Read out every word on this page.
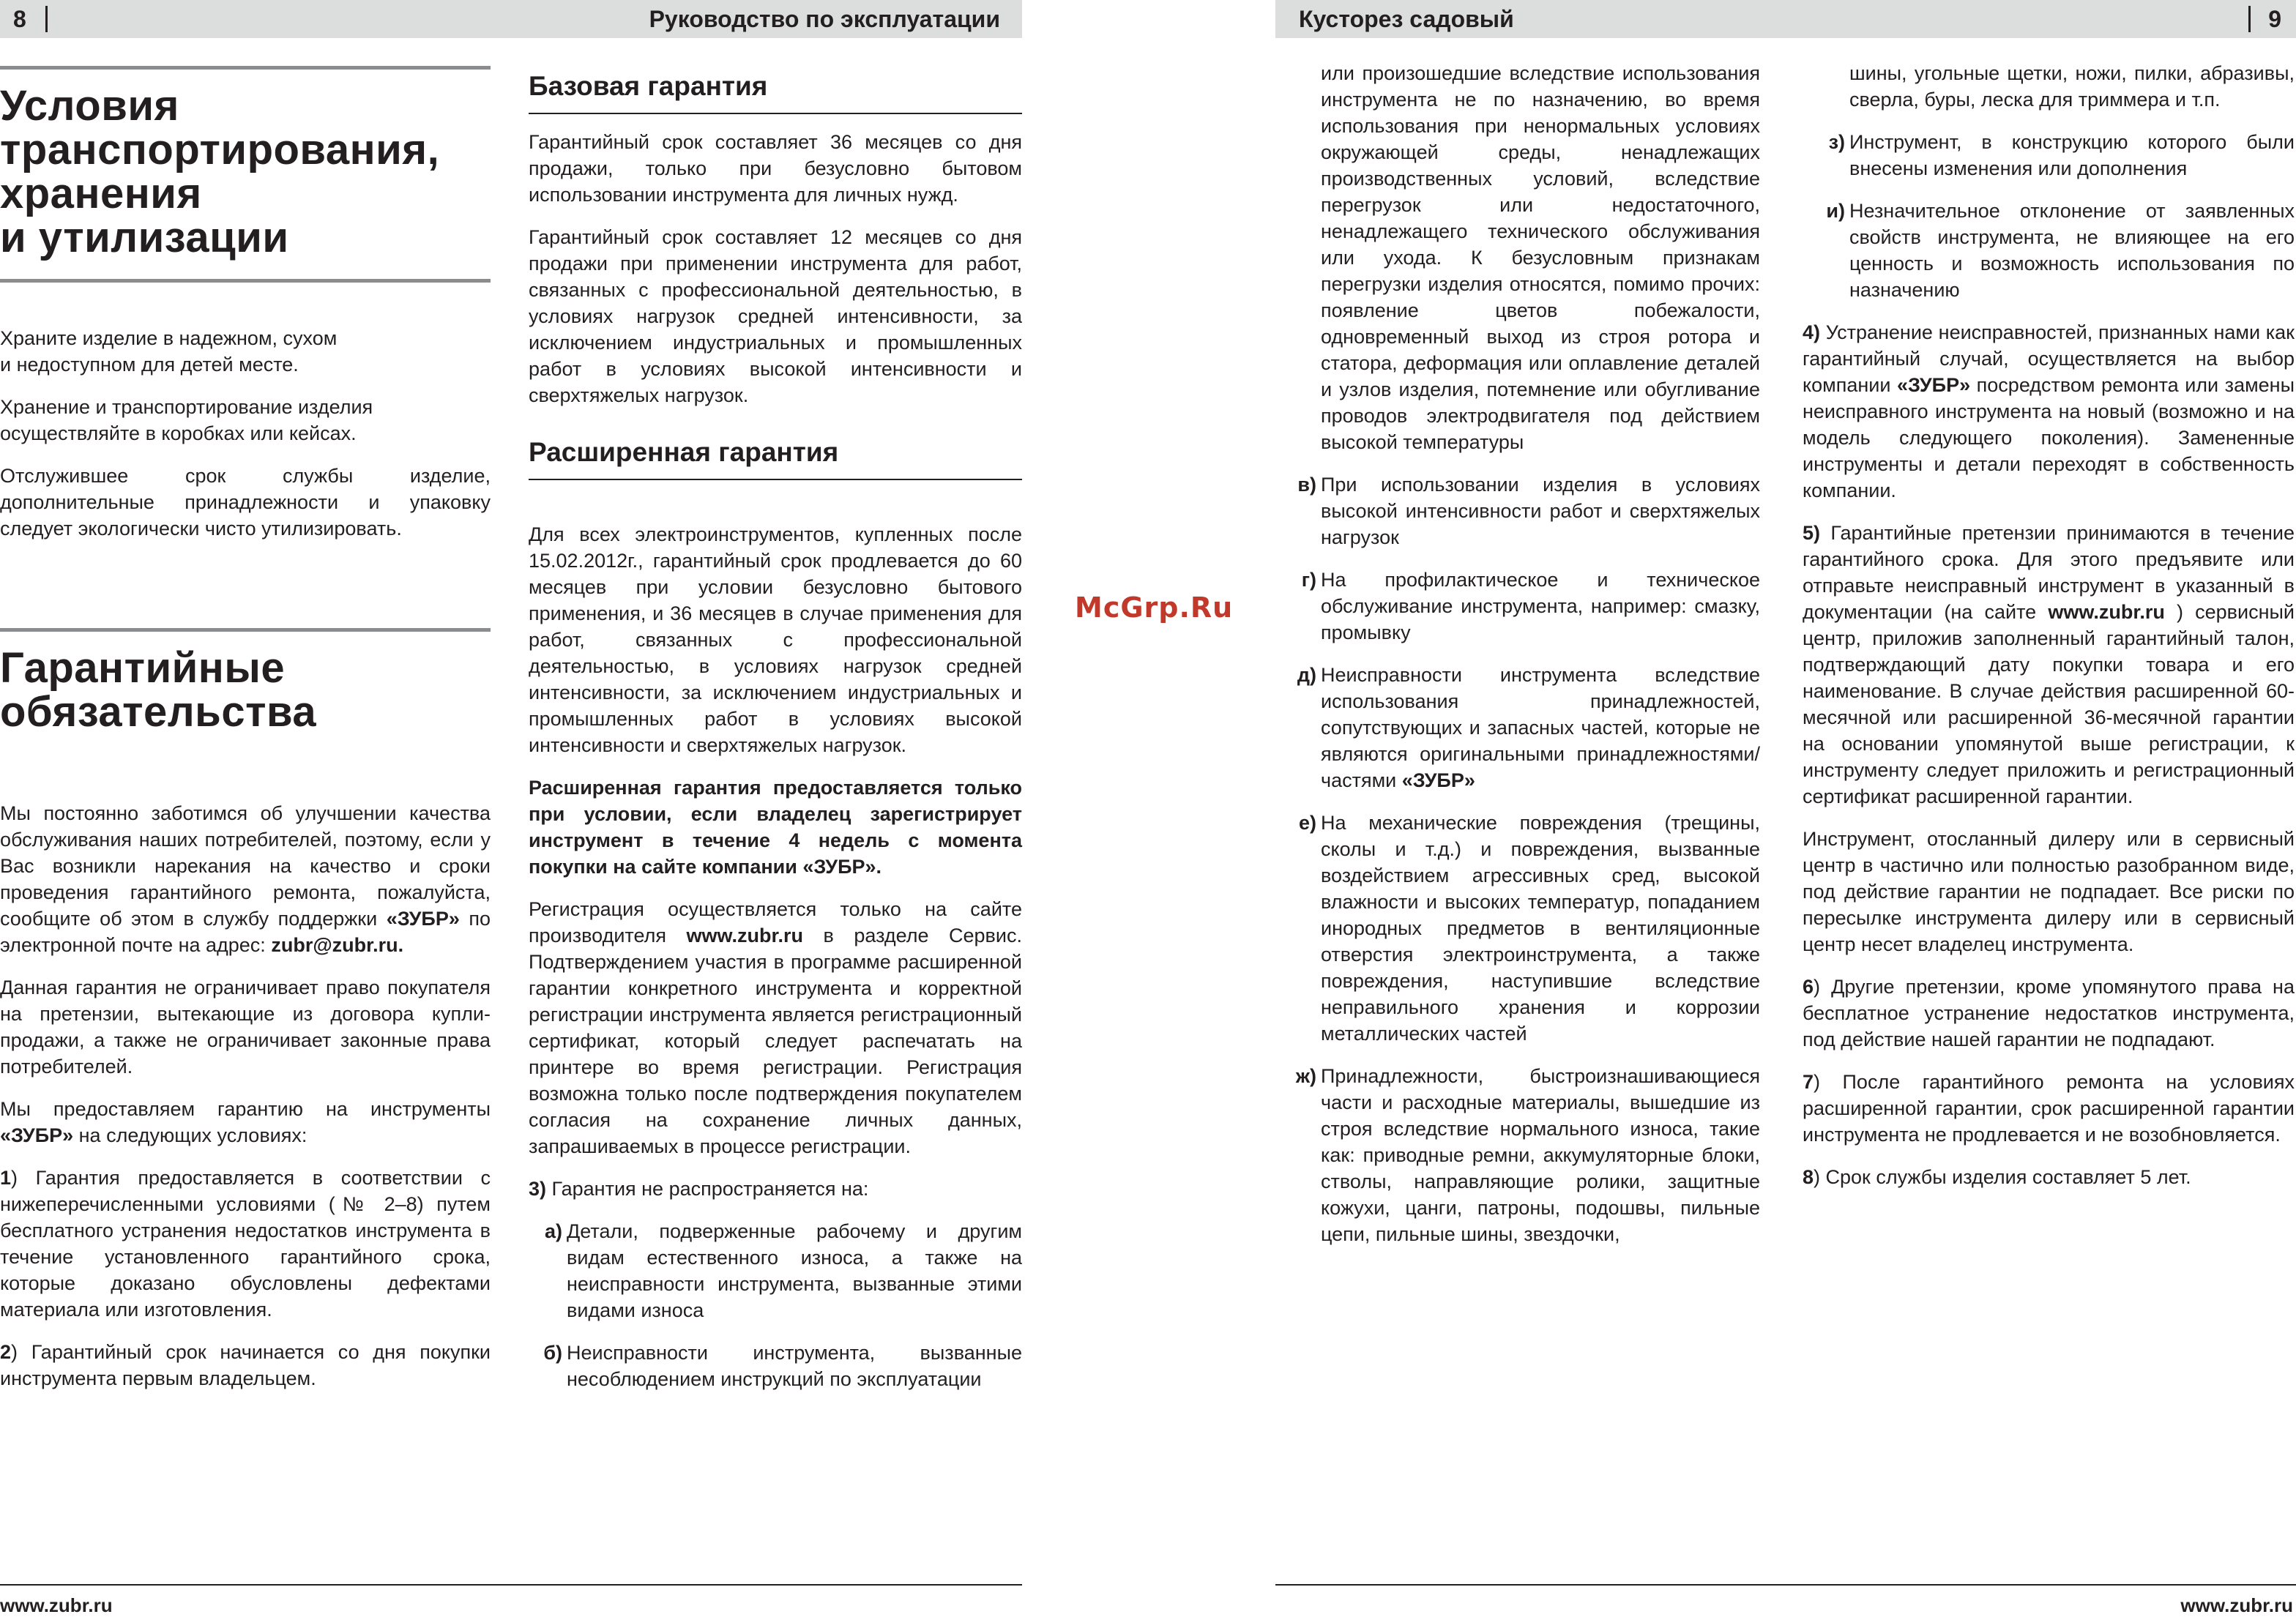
8	Руководство по эксплуатации	Кусторез садовый	9
Условия
транспортирования,
хранения
и утилизации

Храните изделие в надежном, сухом
и недоступном для детей месте.

Хранение и транспортирование изделия
осуществляйте в коробках или кейсах.

Отслужившее срок службы изделие, дополнительные принадлежности и упаковку следует экологически чисто утилизировать.

Гарантийные
обязательства

Мы постоянно заботимся об улучшении качества обслуживания наших потребителей, поэтому, если у Вас возникли нарекания на качество и сроки проведения гарантийного ремонта, пожалуйста, сообщите об этом в службу поддержки «ЗУБР» по электронной почте на адрес: zubr@zubr.ru.

Данная гарантия не ограничивает право покупателя на претензии, вытекающие из договора купли-продажи, а также не ограничивает законные права потребителей.

Мы предоставляем гарантию на инструменты «ЗУБР» на следующих условиях:

1) Гарантия предоставляется в соответствии с нижеперечисленными условиями (№ 2–8) путем бесплатного устранения недостатков инструмента в течение установленного гарантийного срока, которые доказано обусловлены дефектами материала или изготовления.

2) Гарантийный срок начинается со дня покупки инструмента первым владельцем.

Базовая гарантия

Гарантийный срок составляет 36 месяцев со дня продажи, только при безусловно бытовом использовании инструмента для личных нужд.

Гарантийный срок составляет 12 месяцев со дня продажи при применении инструмента для работ, связанных с профессиональной деятельностью, в условиях нагрузок средней интенсивности, за исключением индустриальных и промышленных работ в условиях высокой интенсивности и сверхтяжелых нагрузок.

Расширенная гарантия

Для всех электроинструментов, купленных после 15.02.2012г., гарантийный срок продлевается до 60 месяцев при условии безусловно бытового применения, и 36 месяцев в случае применения для работ, связанных с профессиональной деятельностью, в условиях нагрузок средней интенсивности, за исключением индустриальных и промышленных работ в условиях высокой интенсивности и сверхтяжелых нагрузок.

Расширенная гарантия предоставляется только при условии, если владелец зарегистрирует инструмент в течение 4 недель с момента покупки на сайте компании «ЗУБР».

Регистрация осуществляется только на сайте производителя www.zubr.ru в разделе Сервис. Подтверждением участия в программе расширенной гарантии конкретного инструмента и корректной регистрации инструмента является регистрационный сертификат, который следует распечатать на принтере во время регистрации. Регистрация возможна только после подтверждения покупателем согласия на сохранение личных данных, запрашиваемых в процессе регистрации.

3) Гарантия не распространяется на:

а) Детали, подверженные рабочему и другим видам естественного износа, а также на неисправности инструмента, вызванные этими видами износа
б) Неисправности инструмента, вызванные несоблюдением инструкций по эксплуатации
или произошедшие вследствие использования инструмента не по назначению, во время использования при ненормальных условиях окружающей среды, ненадлежащих производственных условий, вследствие перегрузок или недостаточного, ненадлежащего технического обслуживания или ухода. К безусловным признакам перегрузки изделия относятся, помимо прочих: появление цветов побежалости, одновременный выход из строя ротора и статора, деформация или оплавление деталей и узлов изделия, потемнение или обугливание проводов электродвигателя под действием высокой температуры
в) При использовании изделия в условиях высокой интенсивности работ и сверхтяжелых нагрузок
г) На профилактическое и техническое обслуживание инструмента, например: смазку, промывку
д) Неисправности инструмента вследствие использования принадлежностей, сопутствующих и запасных частей, которые не являются оригинальными принадлежностями/частями «ЗУБР»
е) На механические повреждения (трещины, сколы и т.д.) и повреждения, вызванные воздействием агрессивных сред, высокой влажности и высоких температур, попаданием инородных предметов в вентиляционные отверстия электроинструмента, а также повреждения, наступившие вследствие неправильного хранения и коррозии металлических частей
ж) Принадлежности, быстроизнашивающиеся части и расходные материалы, вышедшие из строя вследствие нормального износа, такие как: приводные ремни, аккумуляторные блоки, стволы, направляющие ролики, защитные кожухи, цанги, патроны, подошвы, пильные цепи, пильные шины, звездочки,
шины, угольные щетки, ножи, пилки, абразивы, сверла, буры, леска для триммера и т.п.
з) Инструмент, в конструкцию которого были внесены изменения или дополнения
и) Незначительное отклонение от заявленных свойств инструмента, не влияющее на его ценность и возможность использования по назначению

4) Устранение неисправностей, признанных нами как гарантийный случай, осуществляется на выбор компании «ЗУБР» посредством ремонта или замены неисправного инструмента на новый (возможно и на модель следующего поколения). Замененные инструменты и детали переходят в собственность компании.

5) Гарантийные претензии принимаются в течение гарантийного срока. Для этого предъявите или отправьте неисправный инструмент в указанный в документации (на сайте www.zubr.ru ) сервисный центр, приложив заполненный гарантийный талон, подтверждающий дату покупки товара и его наименование. В случае действия расширенной 60-месячной или расширенной 36-месячной гарантии на основании упомянутой выше регистрации, к инструменту следует приложить и регистрационный сертификат расширенной гарантии.

Инструмент, отосланный дилеру или в сервисный центр в частично или полностью разобранном виде, под действие гарантии не подпадает. Все риски по пересылке инструмента дилеру или в сервисный центр несет владелец инструмента.

6) Другие претензии, кроме упомянутого права на бесплатное устранение недостатков инструмента, под действие нашей гарантии не подпадают.

7) После гарантийного ремонта на условиях расширенной гарантии, срок расширенной гарантии инструмента не продлевается и не возобновляется.

8) Срок службы изделия составляет 5 лет.

McGrp.Ru
www.zubr.ru	www.zubr.ru
